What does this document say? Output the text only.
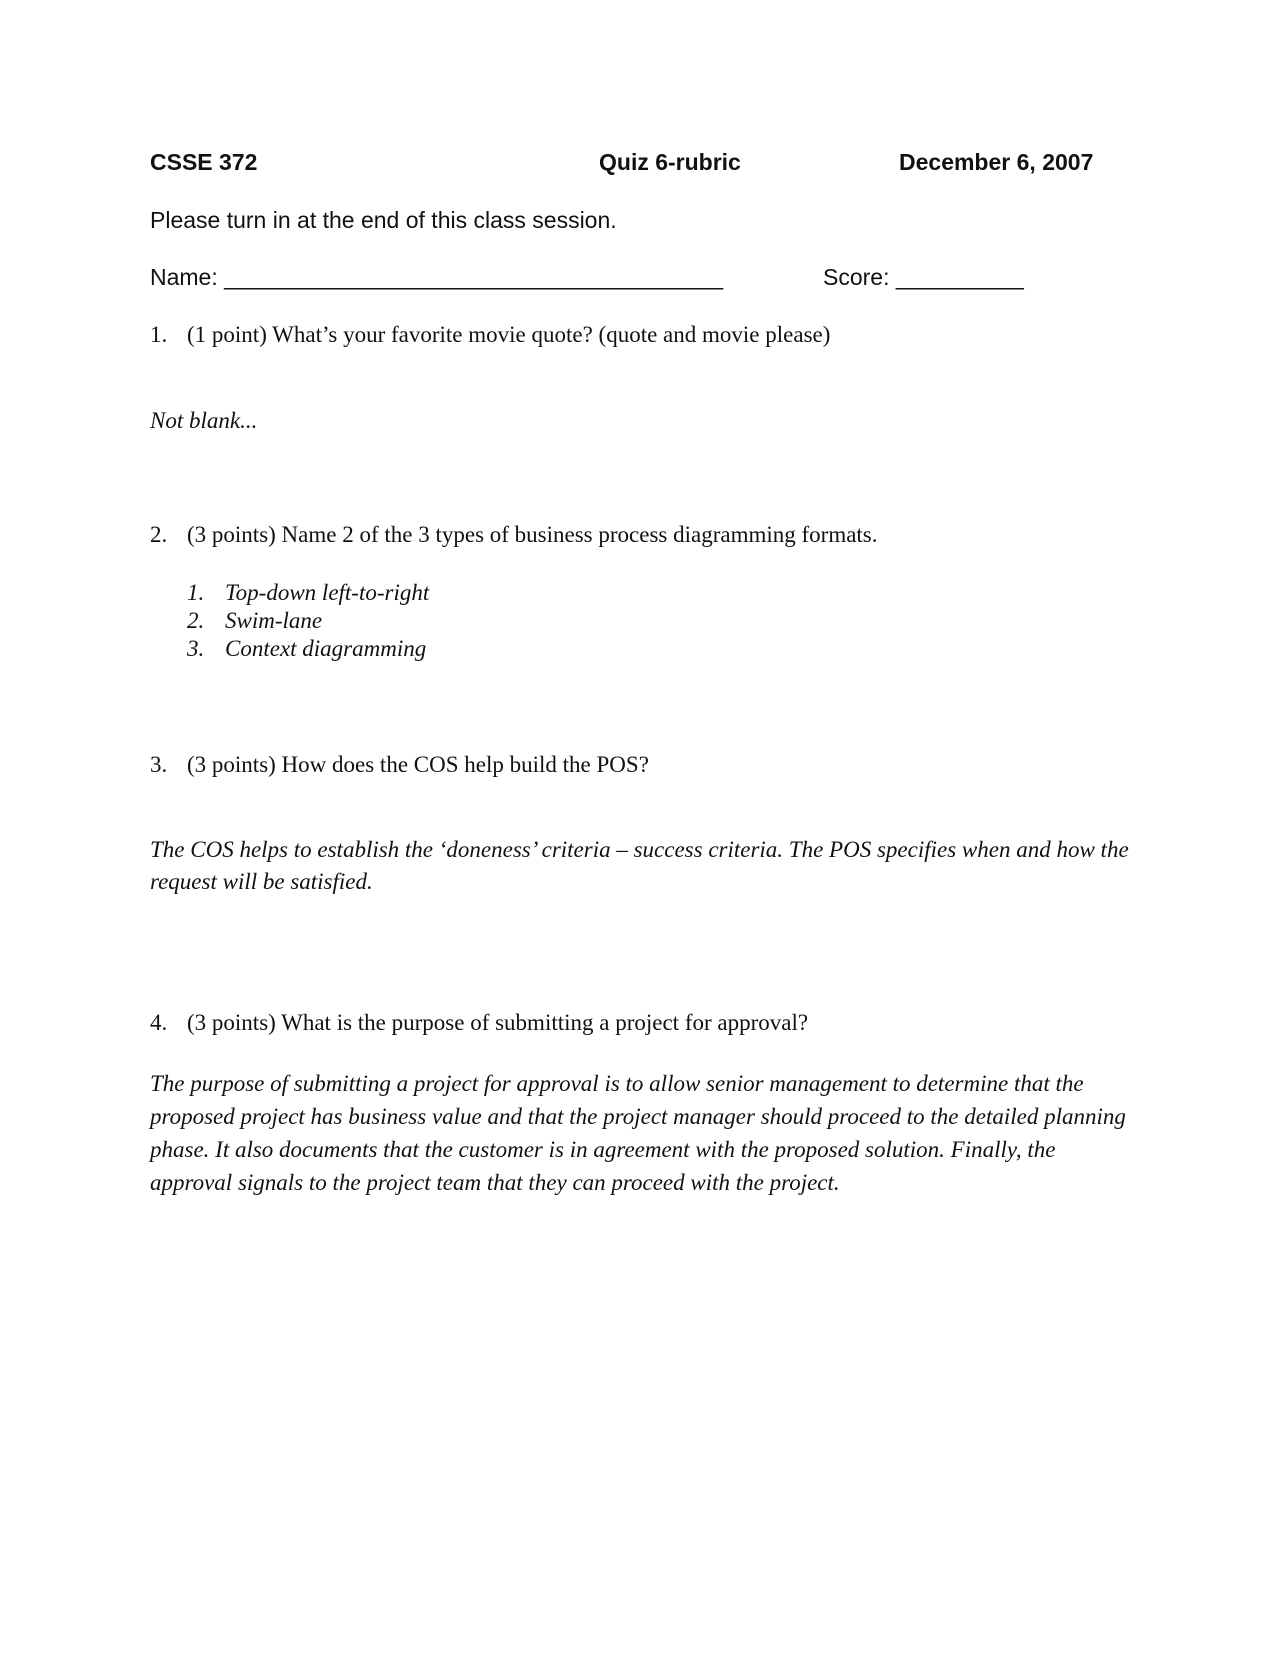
CSSE 372	Quiz 6-rubric	December 6, 2007
Please turn in at the end of this class session.
Name: _______________________________________	Score: __________
1. (1 point) What’s your favorite movie quote? (quote and movie please)
Not blank...
2. (3 points) Name 2 of the 3 types of business process diagramming formats.
1. Top-down left-to-right
2. Swim-lane
3. Context diagramming
3. (3 points) How does the COS help build the POS?
The COS helps to establish the ‘doneness’ criteria – success criteria. The POS specifies when and how the request will be satisfied.
4. (3 points) What is the purpose of submitting a project for approval?
The purpose of submitting a project for approval is to allow senior management to determine that the proposed project has business value and that the project manager should proceed to the detailed planning phase. It also documents that the customer is in agreement with the proposed solution. Finally, the approval signals to the project team that they can proceed with the project.
